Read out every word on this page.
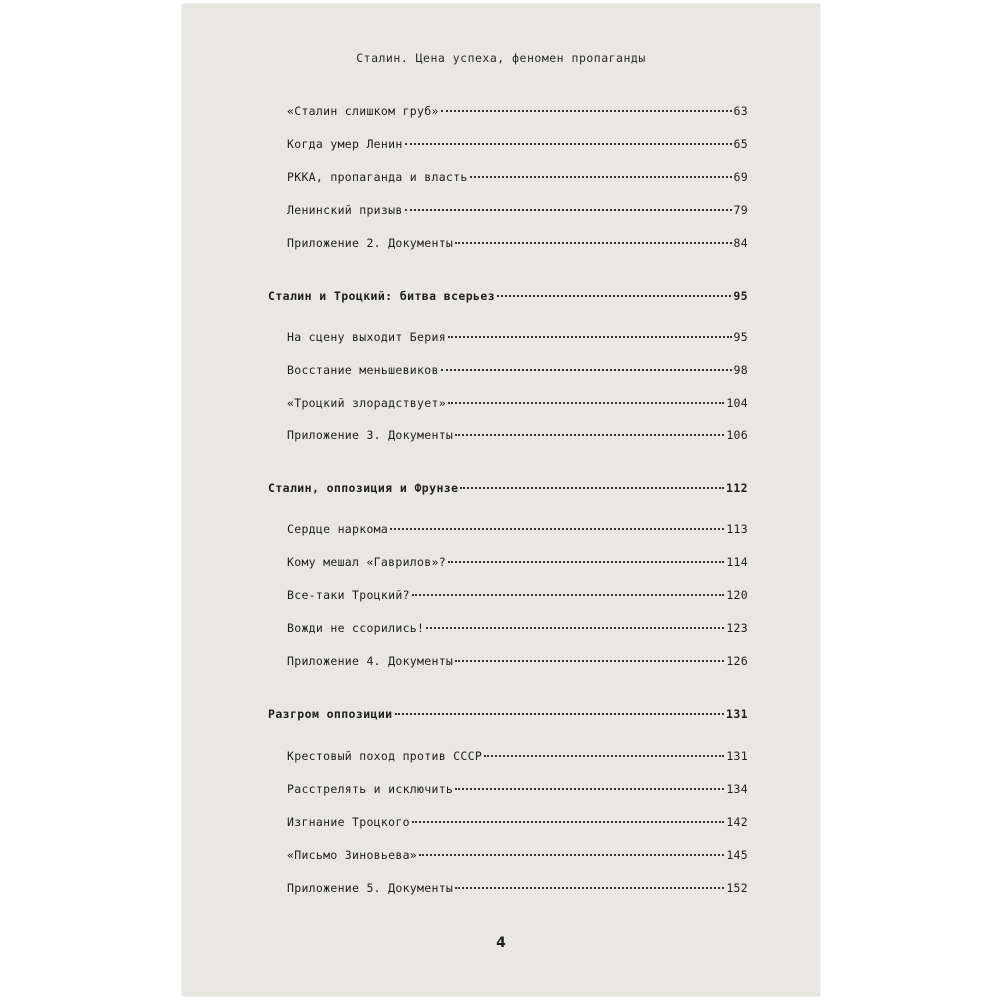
Сталин. Цена успеха, феномен пропаганды
«Сталин слишком груб»	63
Когда умер Ленин	65
РККА, пропаганда и власть	69
Ленинский призыв	79
Приложение 2. Документы	84
Сталин и Троцкий: битва всерьез	95
На сцену выходит Берия	95
Восстание меньшевиков	98
«Троцкий злорадствует»	104
Приложение 3. Документы	106
Сталин, оппозиция и Фрунзе	112
Сердце наркома	113
Кому мешал «Гаврилов»?	114
Все-таки Троцкий?	120
Вожди не ссорились!	123
Приложение 4. Документы	126
Разгром оппозиции	131
Крестовый поход против СССР	131
Расстрелять и исключить	134
Изгнание Троцкого	142
«Письмо Зиновьева»	145
Приложение 5. Документы	152
4
